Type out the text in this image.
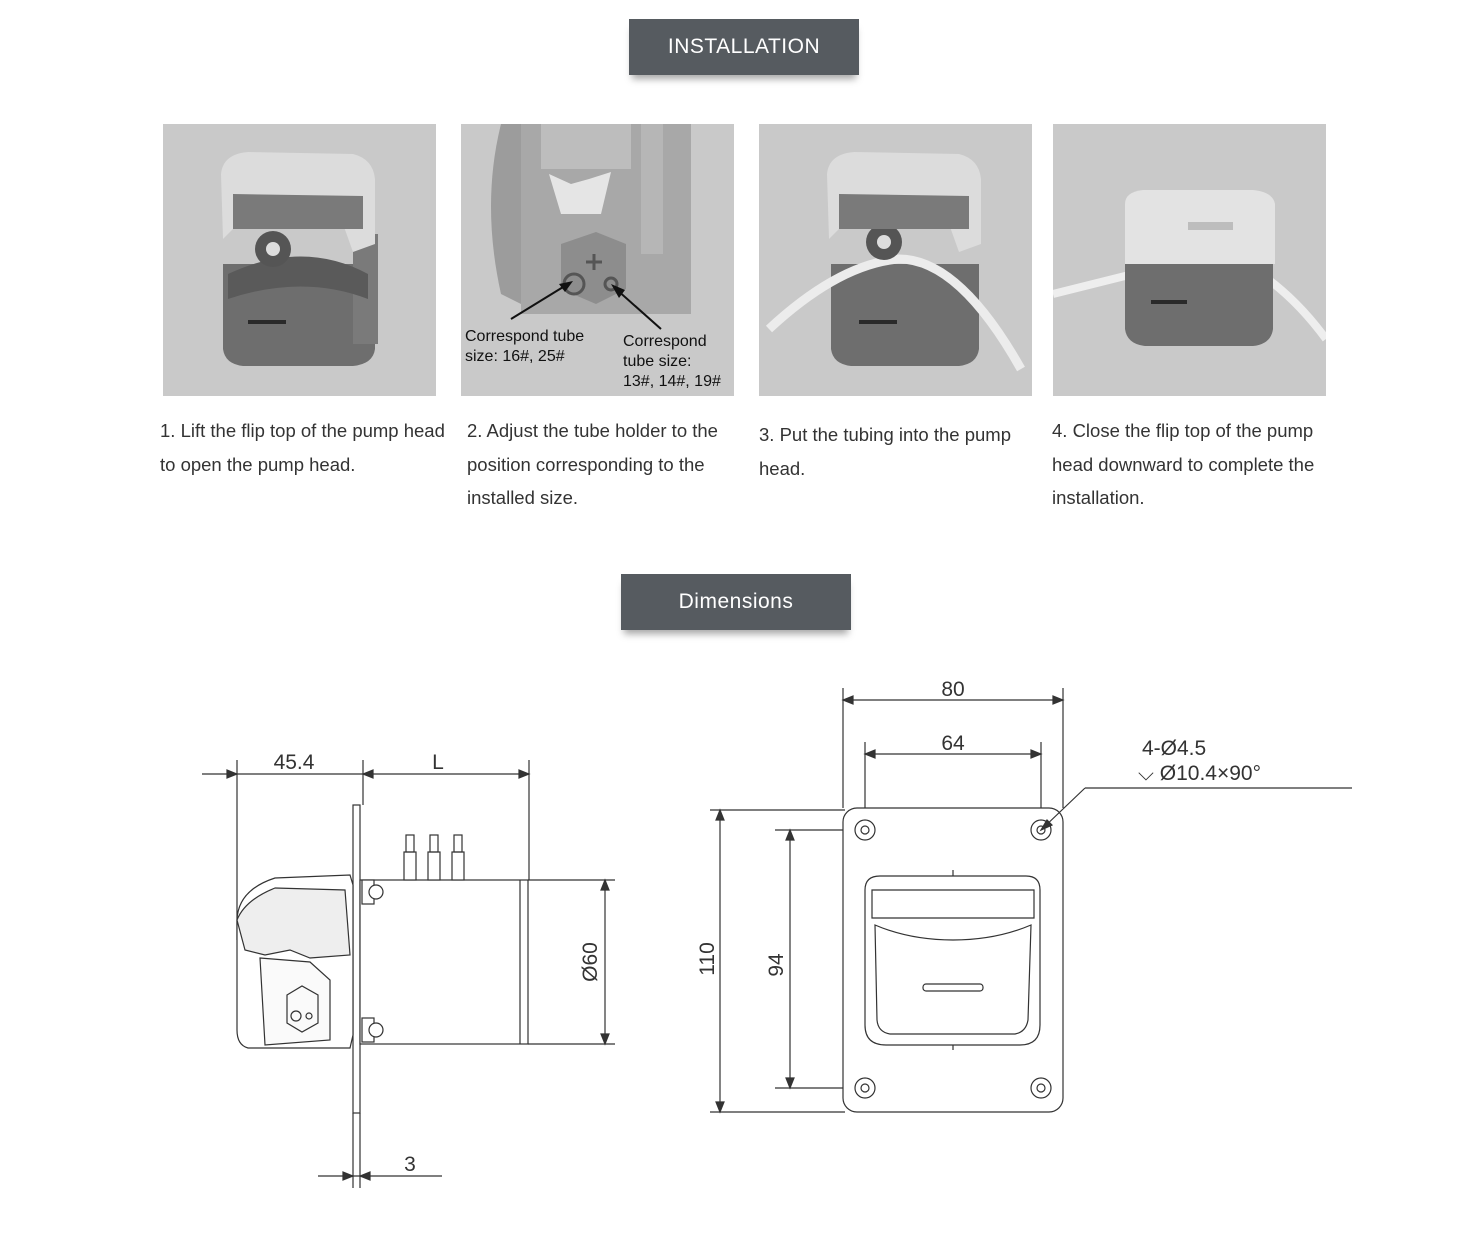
INSTALLATION
Correspond tube
size: 16#, 25#
Correspond
tube size:
13#, 14#, 19#
1. Lift the flip top of the pump head to open the pump head.
2. Adjust the tube holder to the position corresponding to the installed size.
3. Put the tubing into the pump head.
4. Close the flip top of the pump head downward to complete the installation.
Dimensions
45.4	L
3
Ø60
80
64
110 94
4-Ø4.5
⌵ Ø10.4×90°
